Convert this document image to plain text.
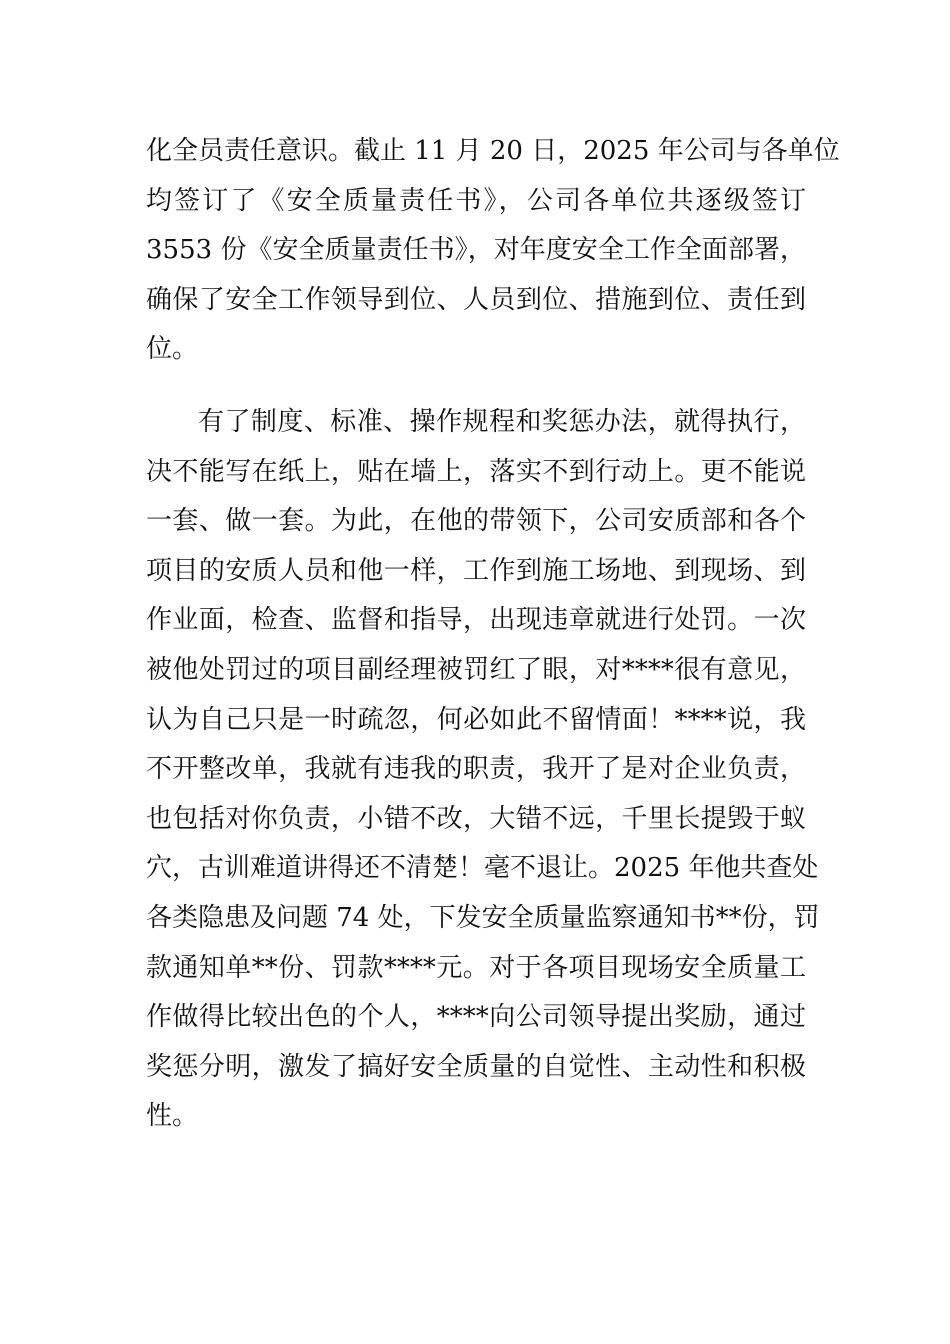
化全员责任意识。截止 11 月 20 日，2025 年公司与各单位
均签订了《安全质量责任书》，公司各单位共逐级签订
3553 份《安全质量责任书》，对年度安全工作全面部署，
确保了安全工作领导到位、人员到位、措施到位、责任到
位。
有了制度、标准、操作规程和奖惩办法，就得执行，
决不能写在纸上，贴在墙上，落实不到行动上。更不能说
一套、做一套。为此，在他的带领下，公司安质部和各个
项目的安质人员和他一样，工作到施工场地、到现场、到
作业面，检查、监督和指导，出现违章就进行处罚。一次
被他处罚过的项目副经理被罚红了眼，对****很有意见，
认为自己只是一时疏忽，何必如此不留情面！****说，我
不开整改单，我就有违我的职责，我开了是对企业负责，
也包括对你负责，小错不改，大错不远，千里长提毁于蚁
穴，古训难道讲得还不清楚！毫不退让。2025 年他共查处
各类隐患及问题 74 处，下发安全质量监察通知书**份，罚
款通知单**份、罚款****元。对于各项目现场安全质量工
作做得比较出色的个人，****向公司领导提出奖励，通过
奖惩分明，激发了搞好安全质量的自觉性、主动性和积极
性。
